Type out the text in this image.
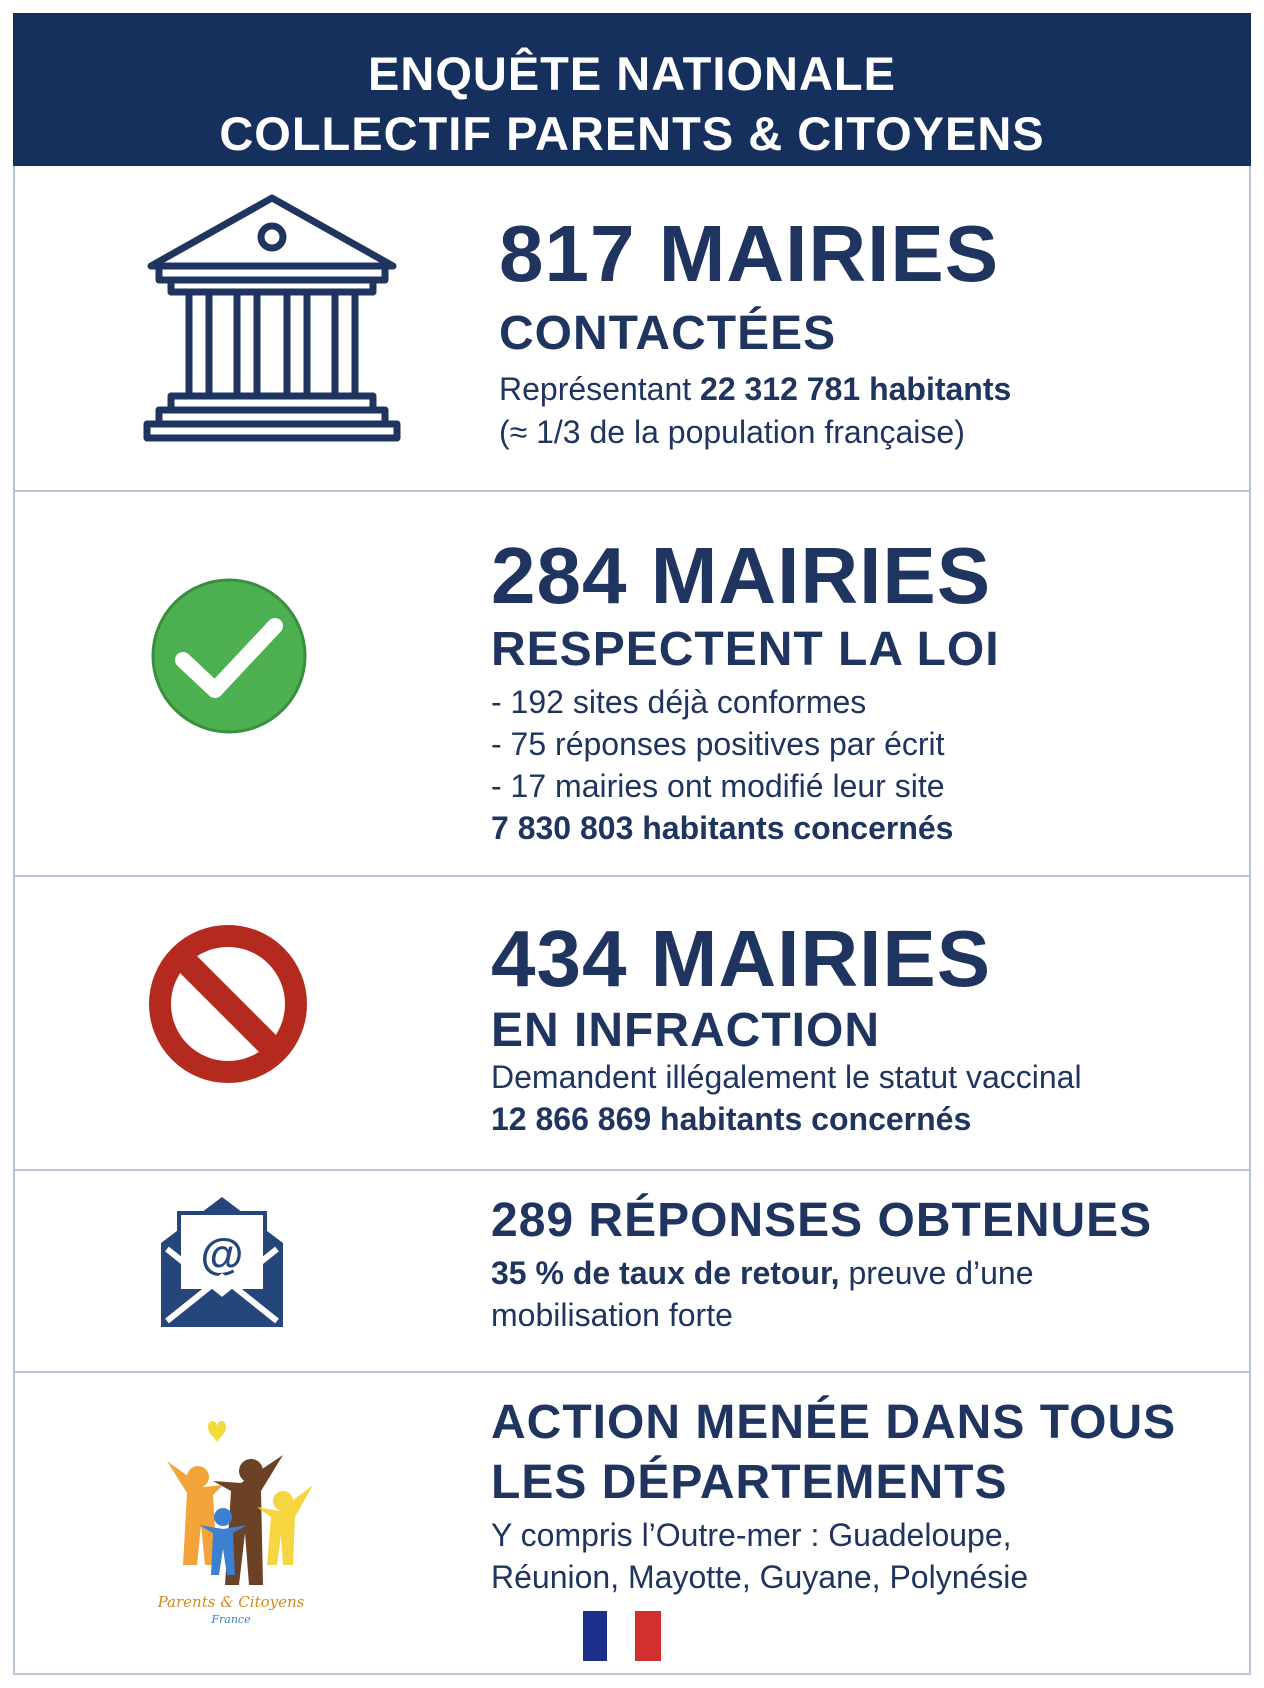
ENQUÊTE NATIONALE
COLLECTIF PARENTS & CITOYENS
817 MAIRIES
CONTACTÉES
Représentant 22 312 781 habitants
(≈ 1/3 de la population française)
284 MAIRIES
RESPECTENT LA LOI
- 192 sites déjà conformes
- 75 réponses positives par écrit
- 17 mairies ont modifié leur site
7 830 803 habitants concernés
434 MAIRIES
EN INFRACTION
Demandent illégalement le statut vaccinal
12 866 869 habitants concernés
@
289 RÉPONSES OBTENUES
35 % de taux de retour, preuve d’une
mobilisation forte
Parents & Citoyens
France
ACTION MENÉE DANS TOUS
LES DÉPARTEMENTS
Y compris l’Outre-mer : Guadeloupe,
Réunion, Mayotte, Guyane, Polynésie
